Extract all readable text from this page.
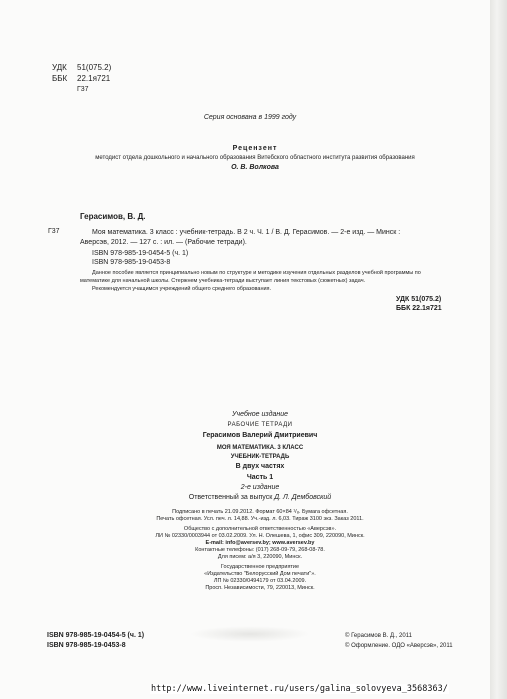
УДК 51(075.2)
ББК 22.1я721
Г37
Серия основана в 1999 году
Рецензент
методист отдела дошкольного и начального образования Витебского областного института развития образования
О. В. Волкова
Г37
Герасимов, В. Д.
Моя математика. 3 класс : учебник-тетрадь. В 2 ч. Ч. 1 / В. Д. Герасимов. — 2-е изд. — Минск :
Аверсэв, 2012. — 127 с. : ил. — (Рабочие тетради).
ISBN 978-985-19-0454-5 (ч. 1)
ISBN 978-985-19-0453-8
Данное пособие является принципиально новым по структуре и методике изучения отдельных разделов учебной программы по
математике для начальной школы. Стержнем учебника-тетради выступает линия текстовых (сюжетных) задач.
Рекомендуется учащимся учреждений общего среднего образования.
УДК 51(075.2)
ББК 22.1я721
Учебное издание
РАБОЧИЕ ТЕТРАДИ
Герасимов Валерий Дмитриевич
МОЯ МАТЕМАТИКА. 3 КЛАСС
УЧЕБНИК-ТЕТРАДЬ
В двух частях
Часть 1
2-е издание
Ответственный за выпуск Д. Л. Дембовский
Подписано в печать 21.09.2012. Формат 60×84 ¹/₈. Бумага офсетная.
Печать офсетная. Усл. печ. л. 14,88. Уч.-изд. л. 6,03. Тираж 3100 экз. Заказ 2011.
Общество с дополнительной ответственностью «Аверсэв».
ЛИ № 02330/0003944 от 03.02.2009. Ул. Н. Олешева, 1, офис 309, 220090, Минск.
E-mail: info@aversev.by; www.aversev.by
Контактные телефоны: (017) 268-09-79, 268-08-78.
Для писем: а/я 3, 220090, Минск.
Государственное предприятие
«Издательство "Белорусский Дом печати"».
ЛП № 02330/0494179 от 03.04.2009.
Просп. Независимости, 79, 220013, Минск.
ISBN 978-985-19-0454-5 (ч. 1)
ISBN 978-985-19-0453-8
© Герасимов В. Д., 2011
© Оформление. ОДО «Аверсэв», 2011
http://www.liveinternet.ru/users/galina_solovyeva_3568363/
